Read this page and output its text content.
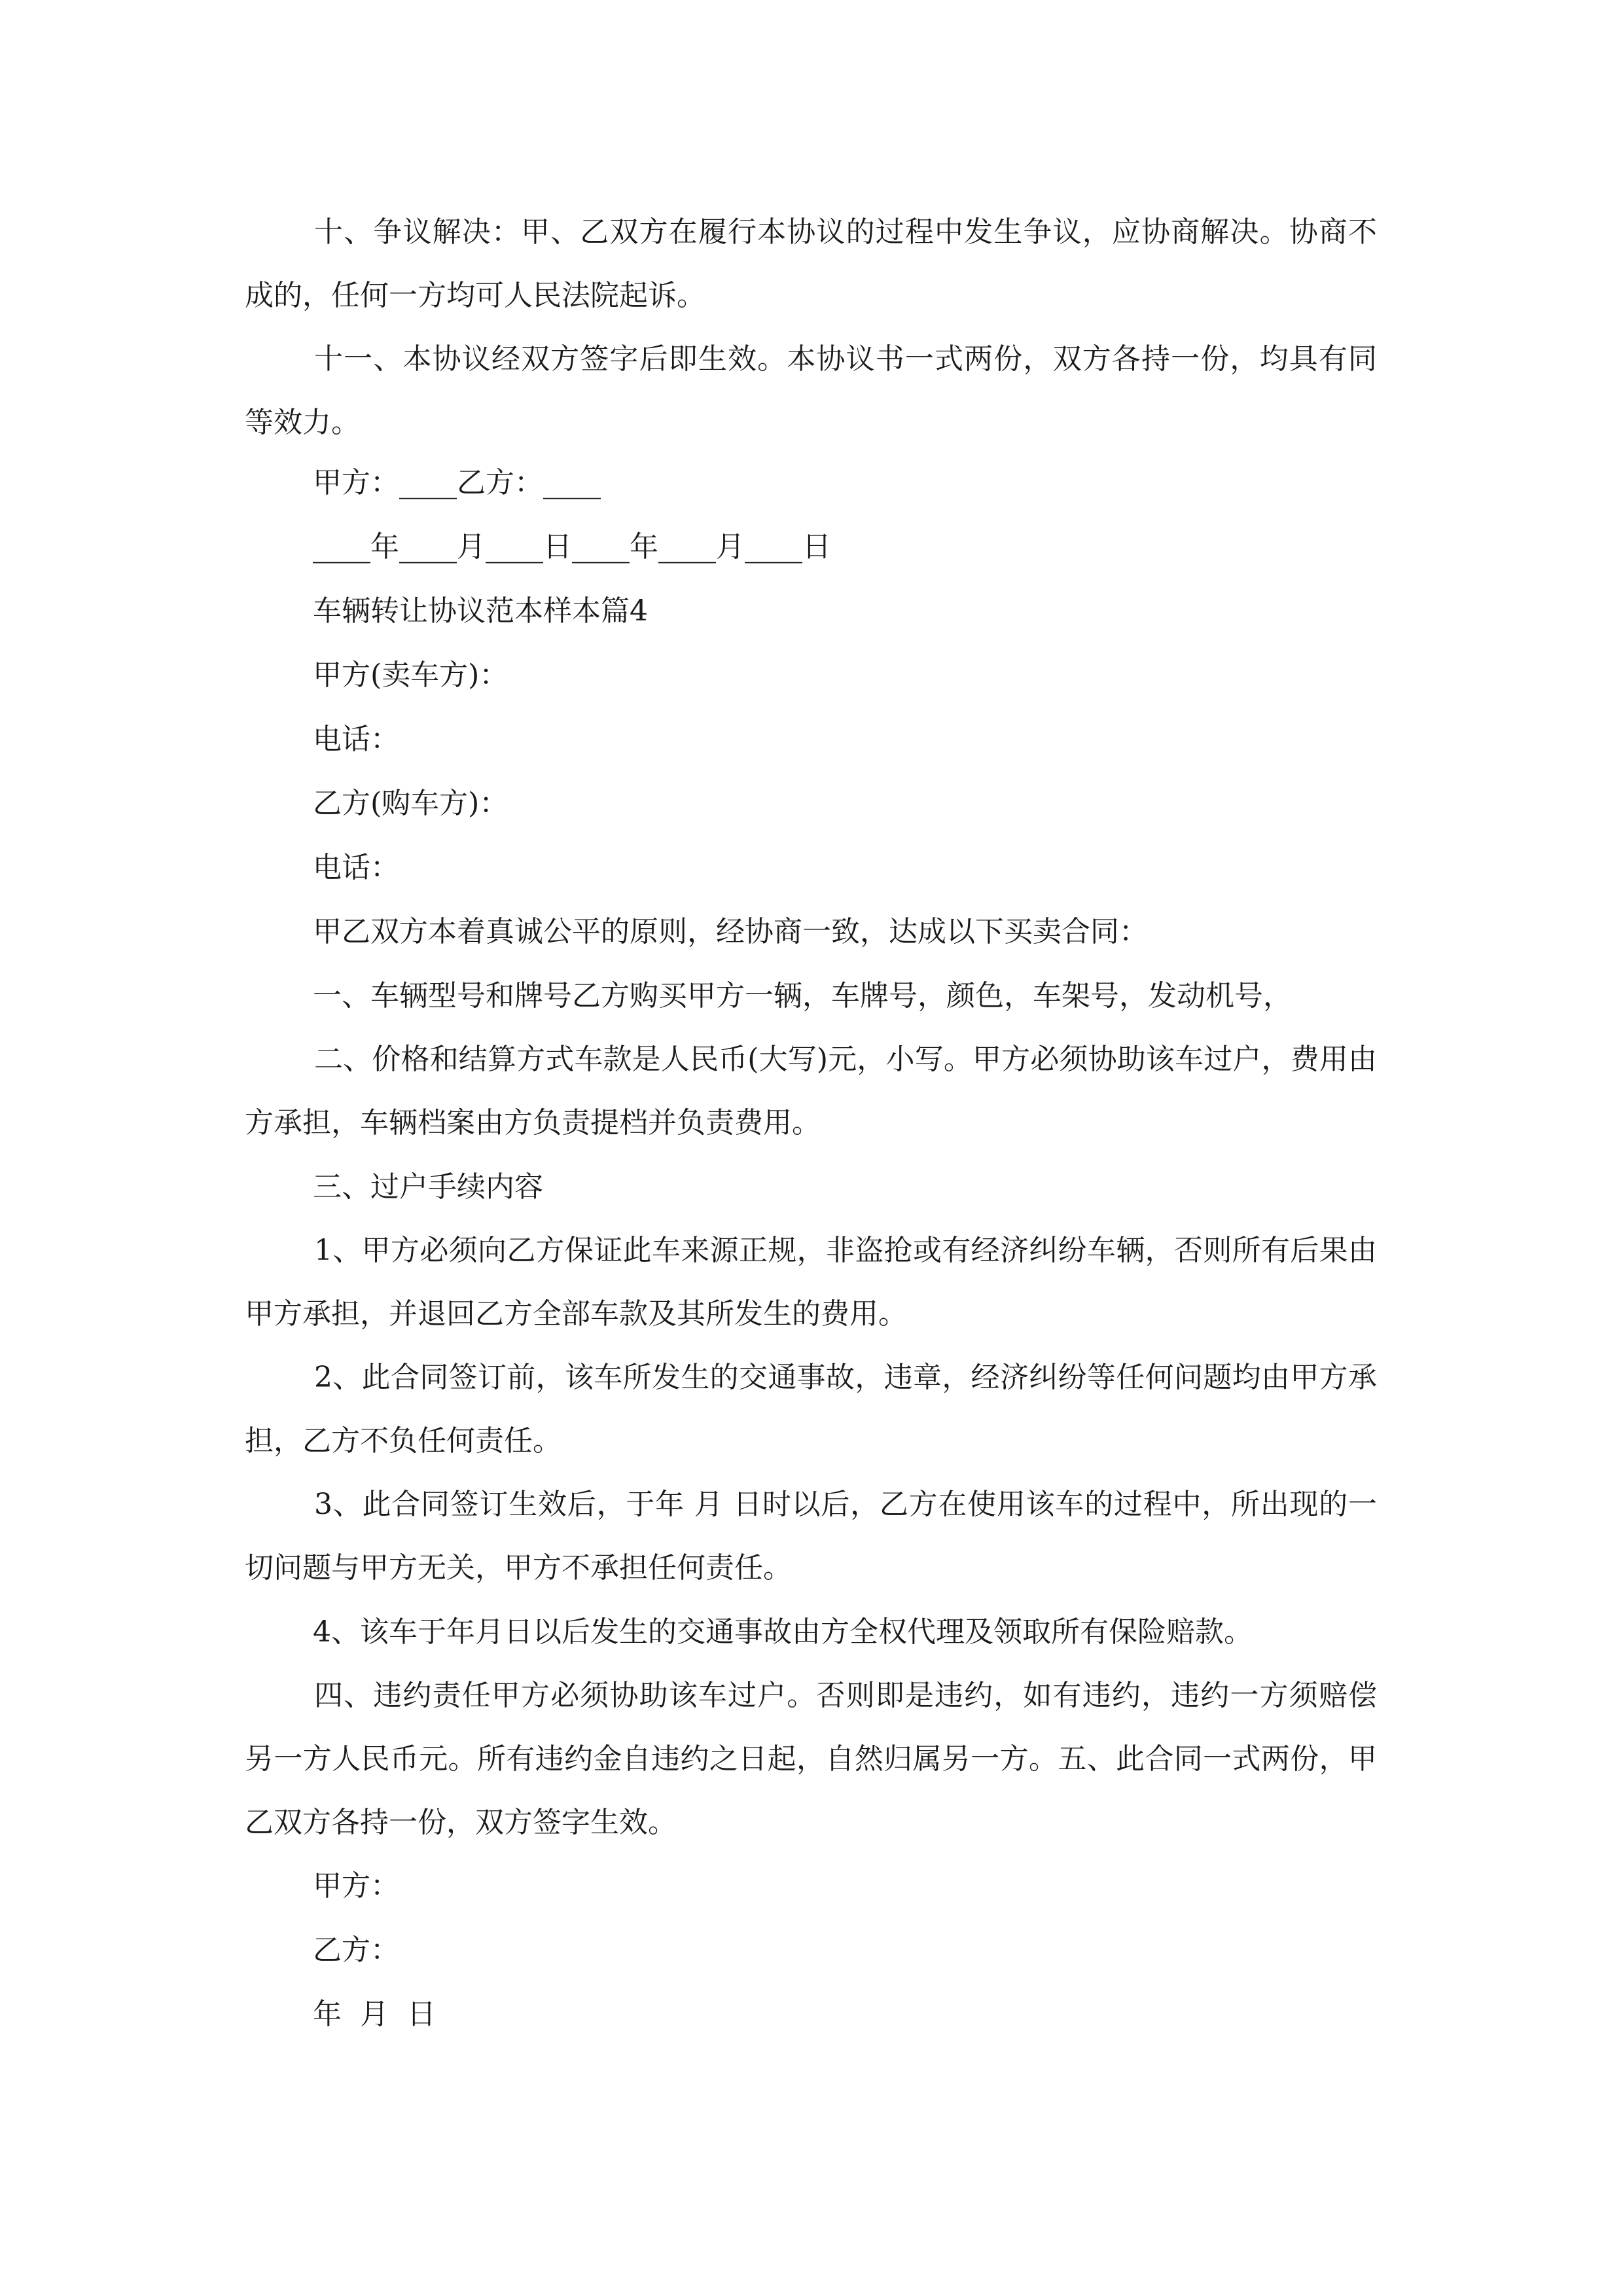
十、争议解决：甲、乙双方在履行本协议的过程中发生争议，应协商解决。协商不成的，任何一方均可人民法院起诉。

十一、本协议经双方签字后即生效。本协议书一式两份，双方各持一份，均具有同等效力。

甲方：____乙方：____

____年____月____日____年____月____日

车辆转让协议范本样本篇4

甲方(卖车方)：

电话：

乙方(购车方)：

电话：

甲乙双方本着真诚公平的原则，经协商一致，达成以下买卖合同：

一、车辆型号和牌号乙方购买甲方一辆，车牌号，颜色，车架号，发动机号，

二、价格和结算方式车款是人民币(大写)元，小写。甲方必须协助该车过户，费用由方承担，车辆档案由方负责提档并负责费用。

三、过户手续内容

1、甲方必须向乙方保证此车来源正规，非盗抢或有经济纠纷车辆，否则所有后果由甲方承担，并退回乙方全部车款及其所发生的费用。

2、此合同签订前，该车所发生的交通事故，违章，经济纠纷等任何问题均由甲方承担，乙方不负任何责任。

3、此合同签订生效后，于年 月 日时以后，乙方在使用该车的过程中，所出现的一切问题与甲方无关，甲方不承担任何责任。

4、该车于年月日以后发生的交通事故由方全权代理及领取所有保险赔款。

四、违约责任甲方必须协助该车过户。否则即是违约，如有违约，违约一方须赔偿另一方人民币元。所有违约金自违约之日起，自然归属另一方。五、此合同一式两份，甲乙双方各持一份，双方签字生效。

甲方：

乙方：

年  月  日
